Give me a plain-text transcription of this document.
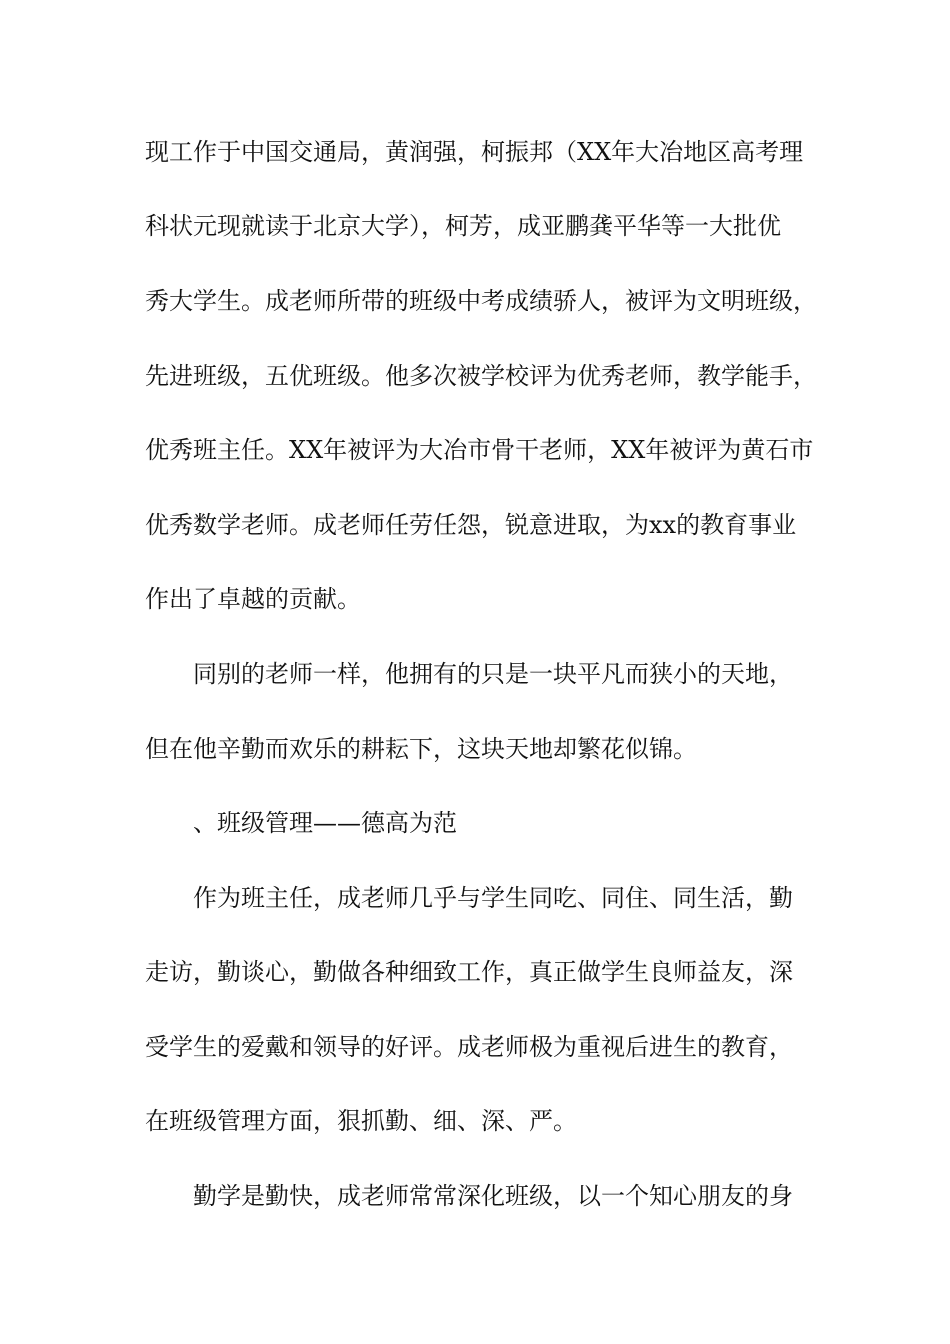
现工作于中国交通局，黄润强，柯振邦（XX年大冶地区高考理
科状元现就读于北京大学），柯芳，成亚鹏龚平华等一大批优
秀大学生。成老师所带的班级中考成绩骄人，被评为文明班级，
先进班级，五优班级。他多次被学校评为优秀老师，教学能手，
优秀班主任。XX年被评为大冶市骨干老师，XX年被评为黄石市
优秀数学老师。成老师任劳任怨，锐意进取，为xx的教育事业
作出了卓越的贡献。
同别的老师一样，他拥有的只是一块平凡而狭小的天地，
但在他辛勤而欢乐的耕耘下，这块天地却繁花似锦。
、班级管理——德高为范
作为班主任，成老师几乎与学生同吃、同住、同生活，勤
走访，勤谈心，勤做各种细致工作，真正做学生良师益友，深
受学生的爱戴和领导的好评。成老师极为重视后进生的教育，
在班级管理方面，狠抓勤、细、深、严。
勤学是勤快，成老师常常深化班级，以一个知心朋友的身
